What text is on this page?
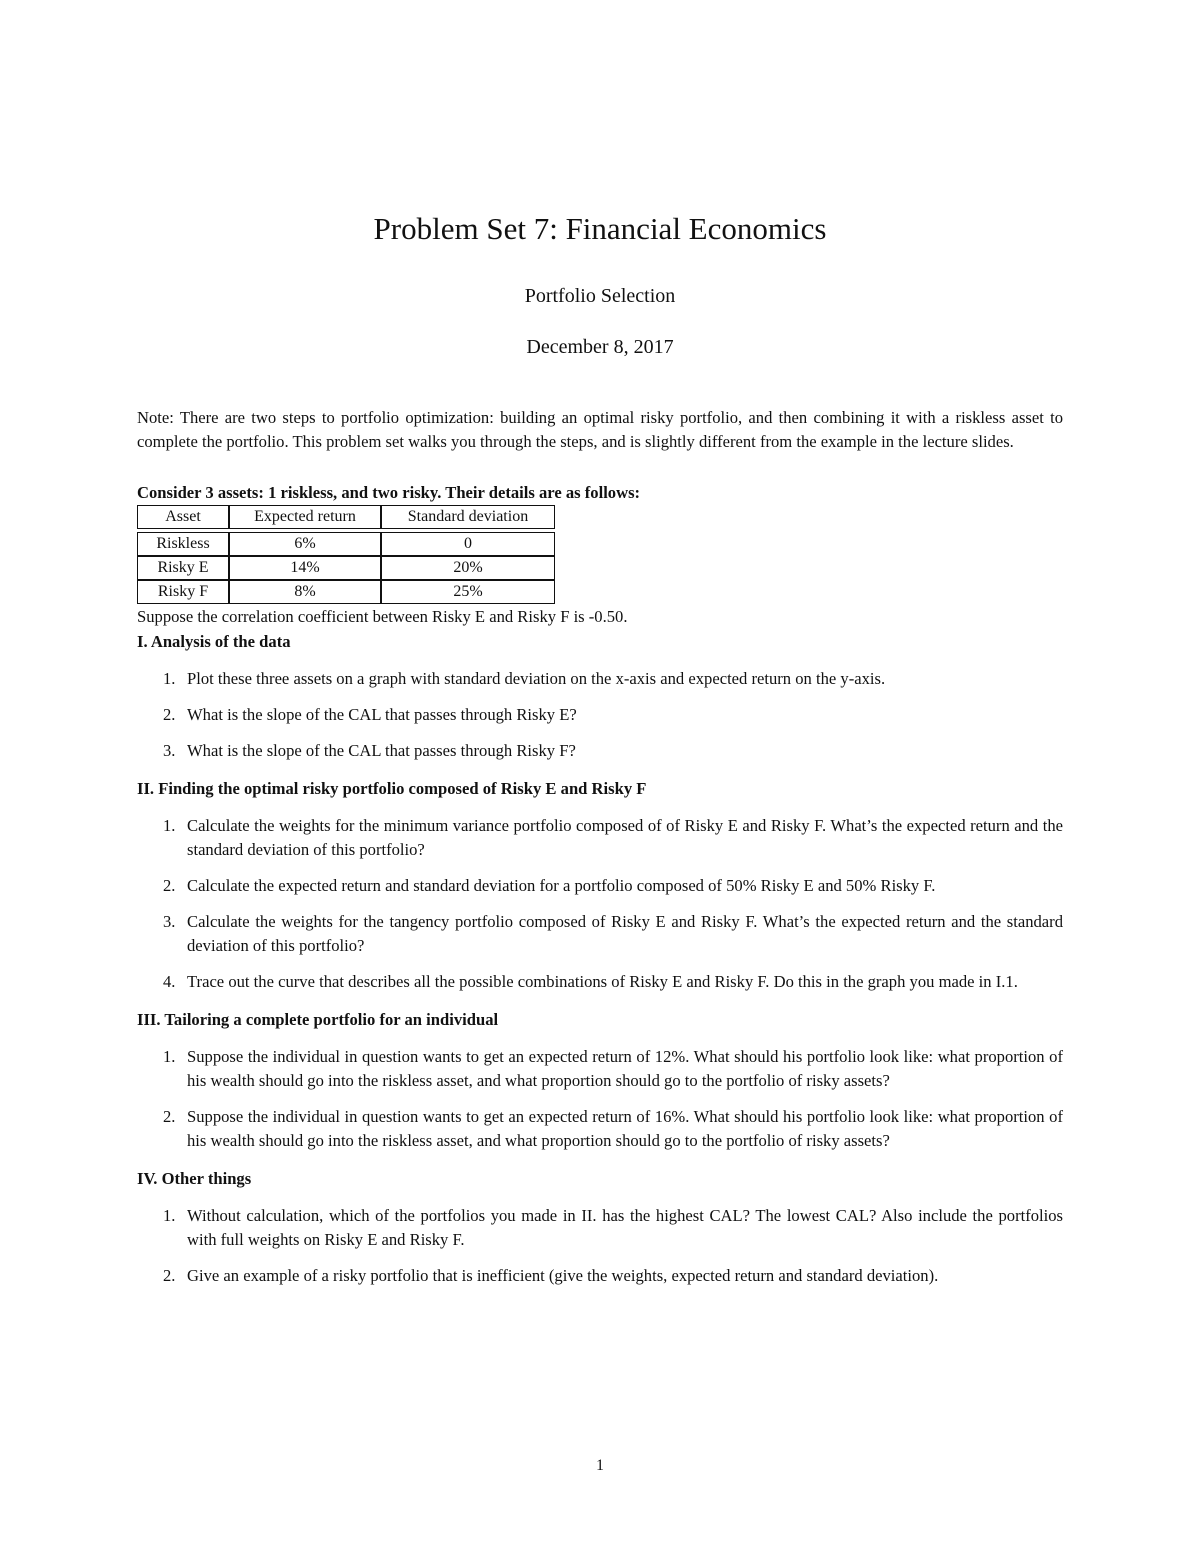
Problem Set 7: Financial Economics
Portfolio Selection
December 8, 2017

Note: There are two steps to portfolio optimization: building an optimal risky portfolio, and then combining it with a riskless asset to complete the portfolio. This problem set walks you through the steps, and is slightly different from the example in the lecture slides.

Consider 3 assets: 1 riskless, and two risky. Their details are as follows:

Asset	Expected return	Standard deviation

Riskless	6%	0
Risky E	14%	20%
Risky F	8%	25%

Suppose the correlation coefficient between Risky E and Risky F is -0.50.

I. Analysis of the data

1. Plot these three assets on a graph with standard deviation on the x-axis and expected return on the y-axis.
2. What is the slope of the CAL that passes through Risky E?
3. What is the slope of the CAL that passes through Risky F?

II. Finding the optimal risky portfolio composed of Risky E and Risky F

1. Calculate the weights for the minimum variance portfolio composed of of Risky E and Risky F. What’s the expected return and the standard deviation of this portfolio?
2. Calculate the expected return and standard deviation for a portfolio composed of 50% Risky E and 50% Risky F.
3. Calculate the weights for the tangency portfolio composed of Risky E and Risky F. What’s the expected return and the standard deviation of this portfolio?
4. Trace out the curve that describes all the possible combinations of Risky E and Risky F. Do this in the graph you made in I.1.

III. Tailoring a complete portfolio for an individual

1. Suppose the individual in question wants to get an expected return of 12%. What should his portfolio look like: what proportion of his wealth should go into the riskless asset, and what proportion should go to the portfolio of risky assets?
2. Suppose the individual in question wants to get an expected return of 16%. What should his portfolio look like: what proportion of his wealth should go into the riskless asset, and what proportion should go to the portfolio of risky assets?

IV. Other things

1. Without calculation, which of the portfolios you made in II. has the highest CAL? The lowest CAL? Also include the portfolios with full weights on Risky E and Risky F.
2. Give an example of a risky portfolio that is inefficient (give the weights, expected return and standard deviation).
1
